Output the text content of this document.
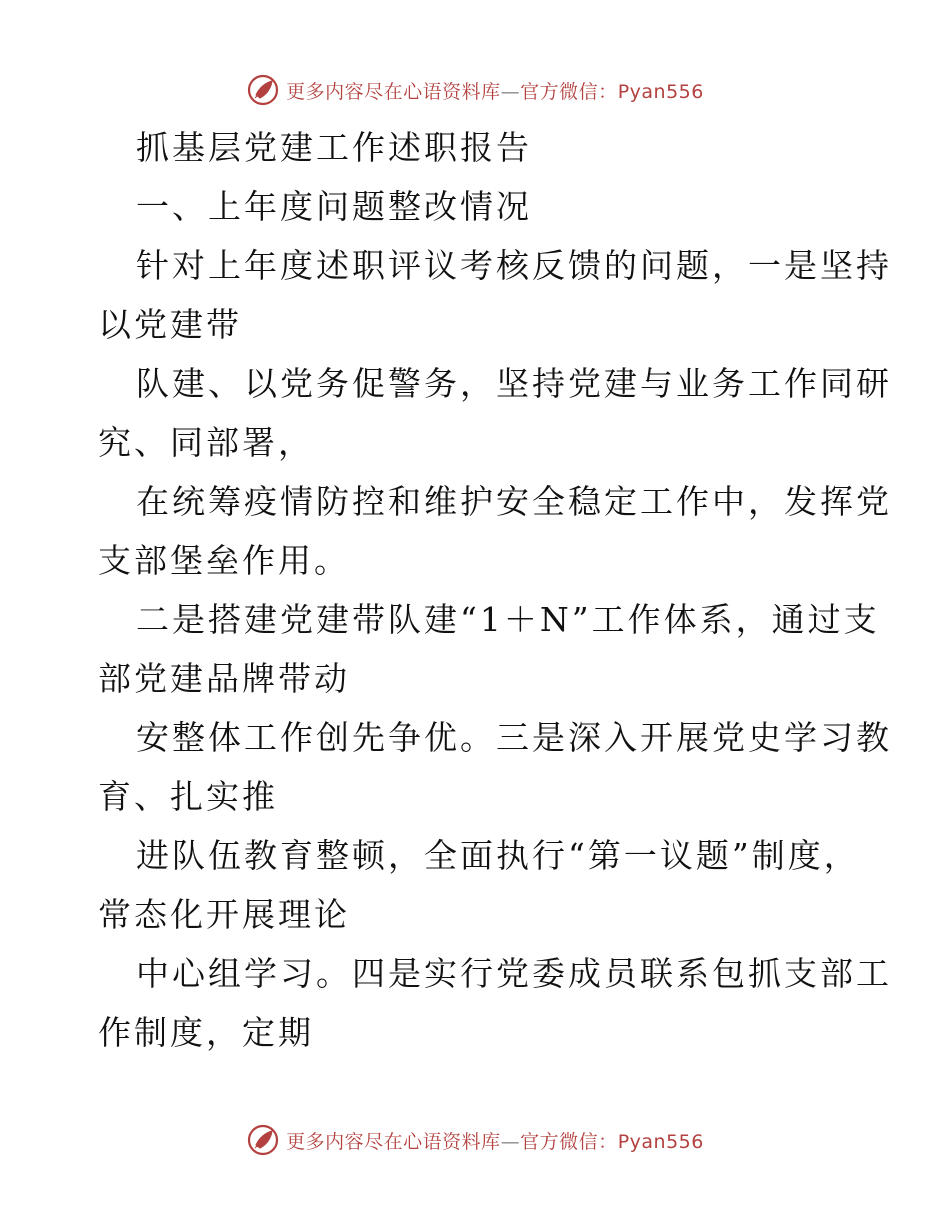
更多内容尽在心语资料库—官方微信：Pyan556
抓基层党建工作述职报告
一、上年度问题整改情况
针对上年度述职评议考核反馈的问题，一是坚持
以党建带
队建、以党务促警务，坚持党建与业务工作同研
究、同部署，
在统筹疫情防控和维护安全稳定工作中，发挥党
支部堡垒作用。
二是搭建党建带队建“1＋N”工作体系，通过支
部党建品牌带动
安整体工作创先争优。三是深入开展党史学习教
育、扎实推
进队伍教育整顿，全面执行“第一议题”制度，
常态化开展理论
中心组学习。四是实行党委成员联系包抓支部工
作制度，定期
更多内容尽在心语资料库—官方微信：Pyan556
